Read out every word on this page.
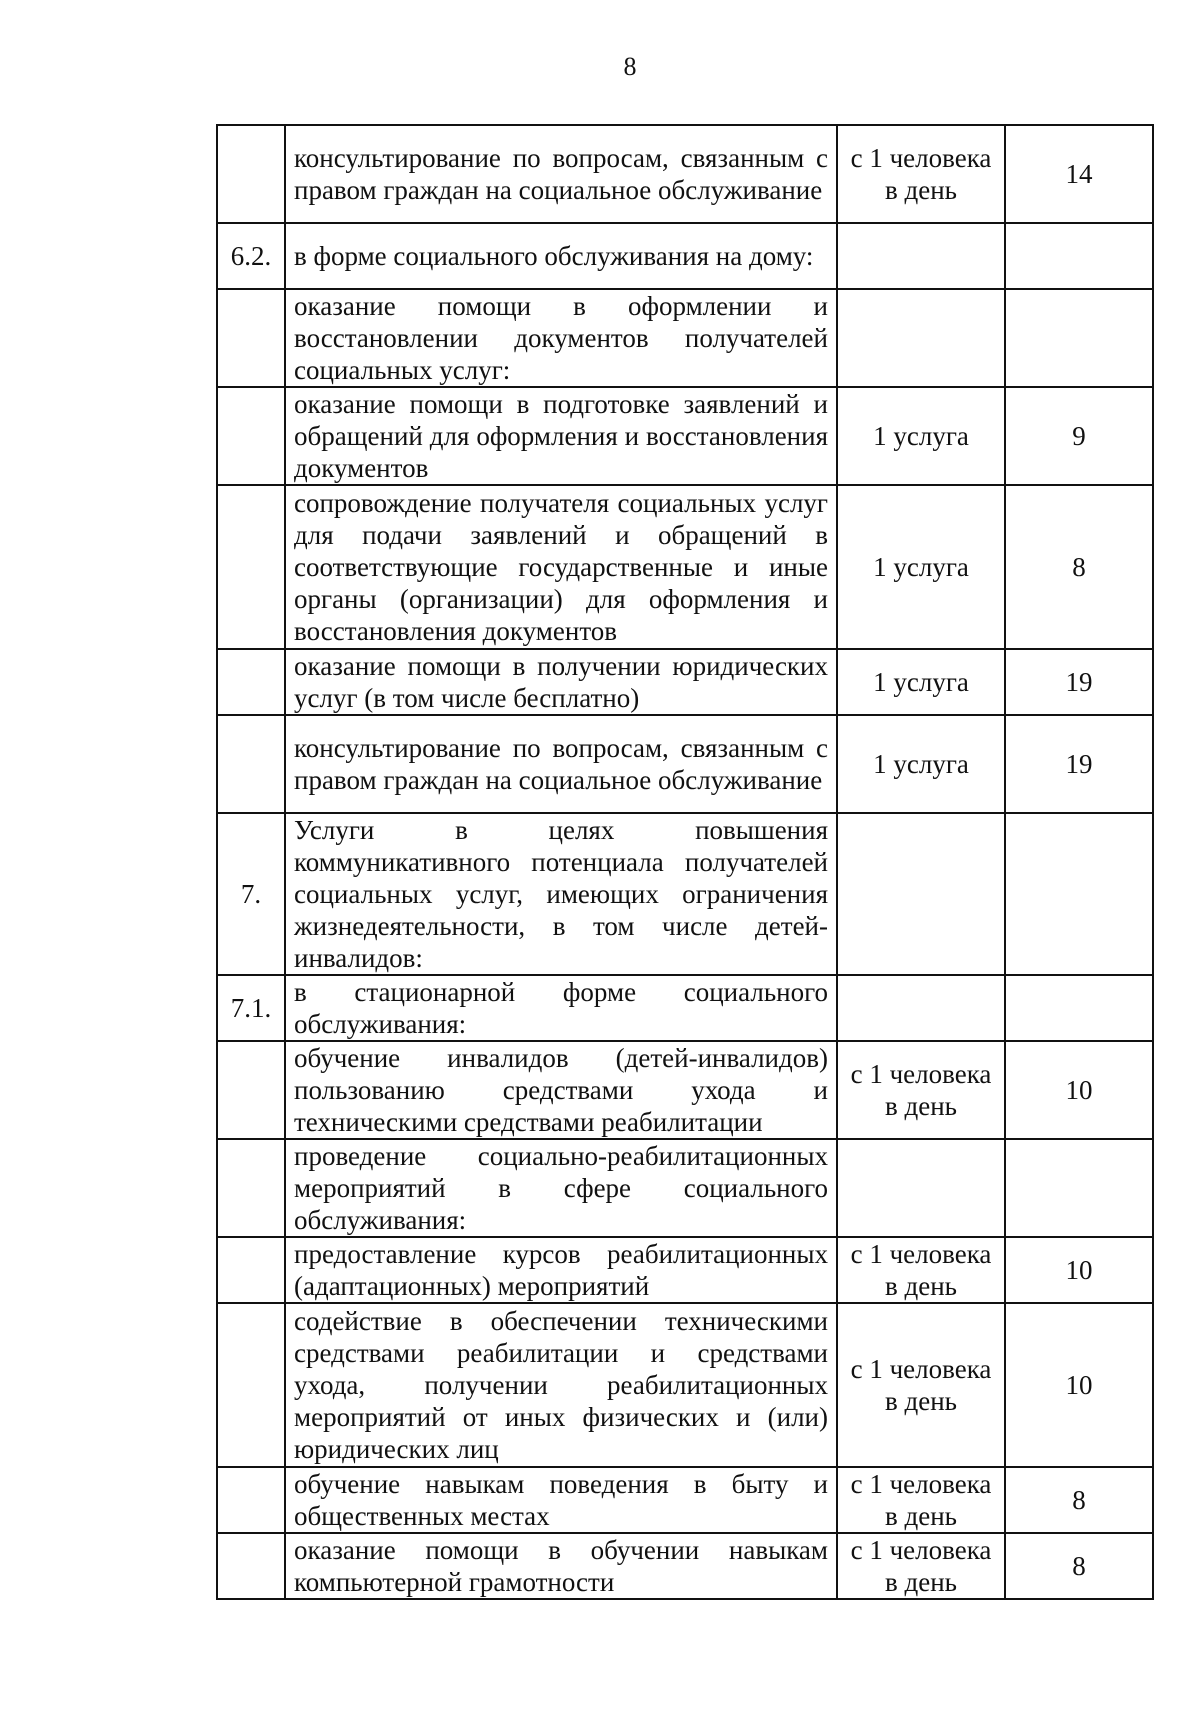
8
	консультирование по вопросам, связанным с правом граждан на социальное обслуживание	с 1 человека в день	14
6.2.	в форме социального обслуживания на дому:		
	оказание помощи в оформлении и восстановлении документов получателей социальных услуг:		
	оказание помощи в подготовке заявлений и обращений для оформления и восстановления документов	1 услуга	9
	сопровождение получателя социальных услуг для подачи заявлений и обращений в соответствующие государственные и иные органы (организации) для оформления и восстановления документов	1 услуга	8
	оказание помощи в получении юридических услуг (в том числе бесплатно)	1 услуга	19
	консультирование по вопросам, связанным с правом граждан на социальное обслуживание	1 услуга	19
7.	Услуги в целях повышения коммуникативного потенциала получателей социальных услуг, имеющих ограничения жизнедеятельности, в том числе детей-инвалидов:		
7.1.	в стационарной форме социального обслуживания:		
	обучение инвалидов (детей-инвалидов) пользованию средствами ухода и техническими средствами реабилитации	с 1 человека в день	10
	проведение социально-реабилитационных мероприятий в сфере социального обслуживания:		
	предоставление курсов реабилитационных (адаптационных) мероприятий	с 1 человека в день	10
	содействие в обеспечении техническими средствами реабилитации и средствами ухода, получении реабилитационных мероприятий от иных физических и (или) юридических лиц	с 1 человека в день	10
	обучение навыкам поведения в быту и общественных местах	с 1 человека в день	8
	оказание помощи в обучении навыкам компьютерной грамотности	с 1 человека в день	8
